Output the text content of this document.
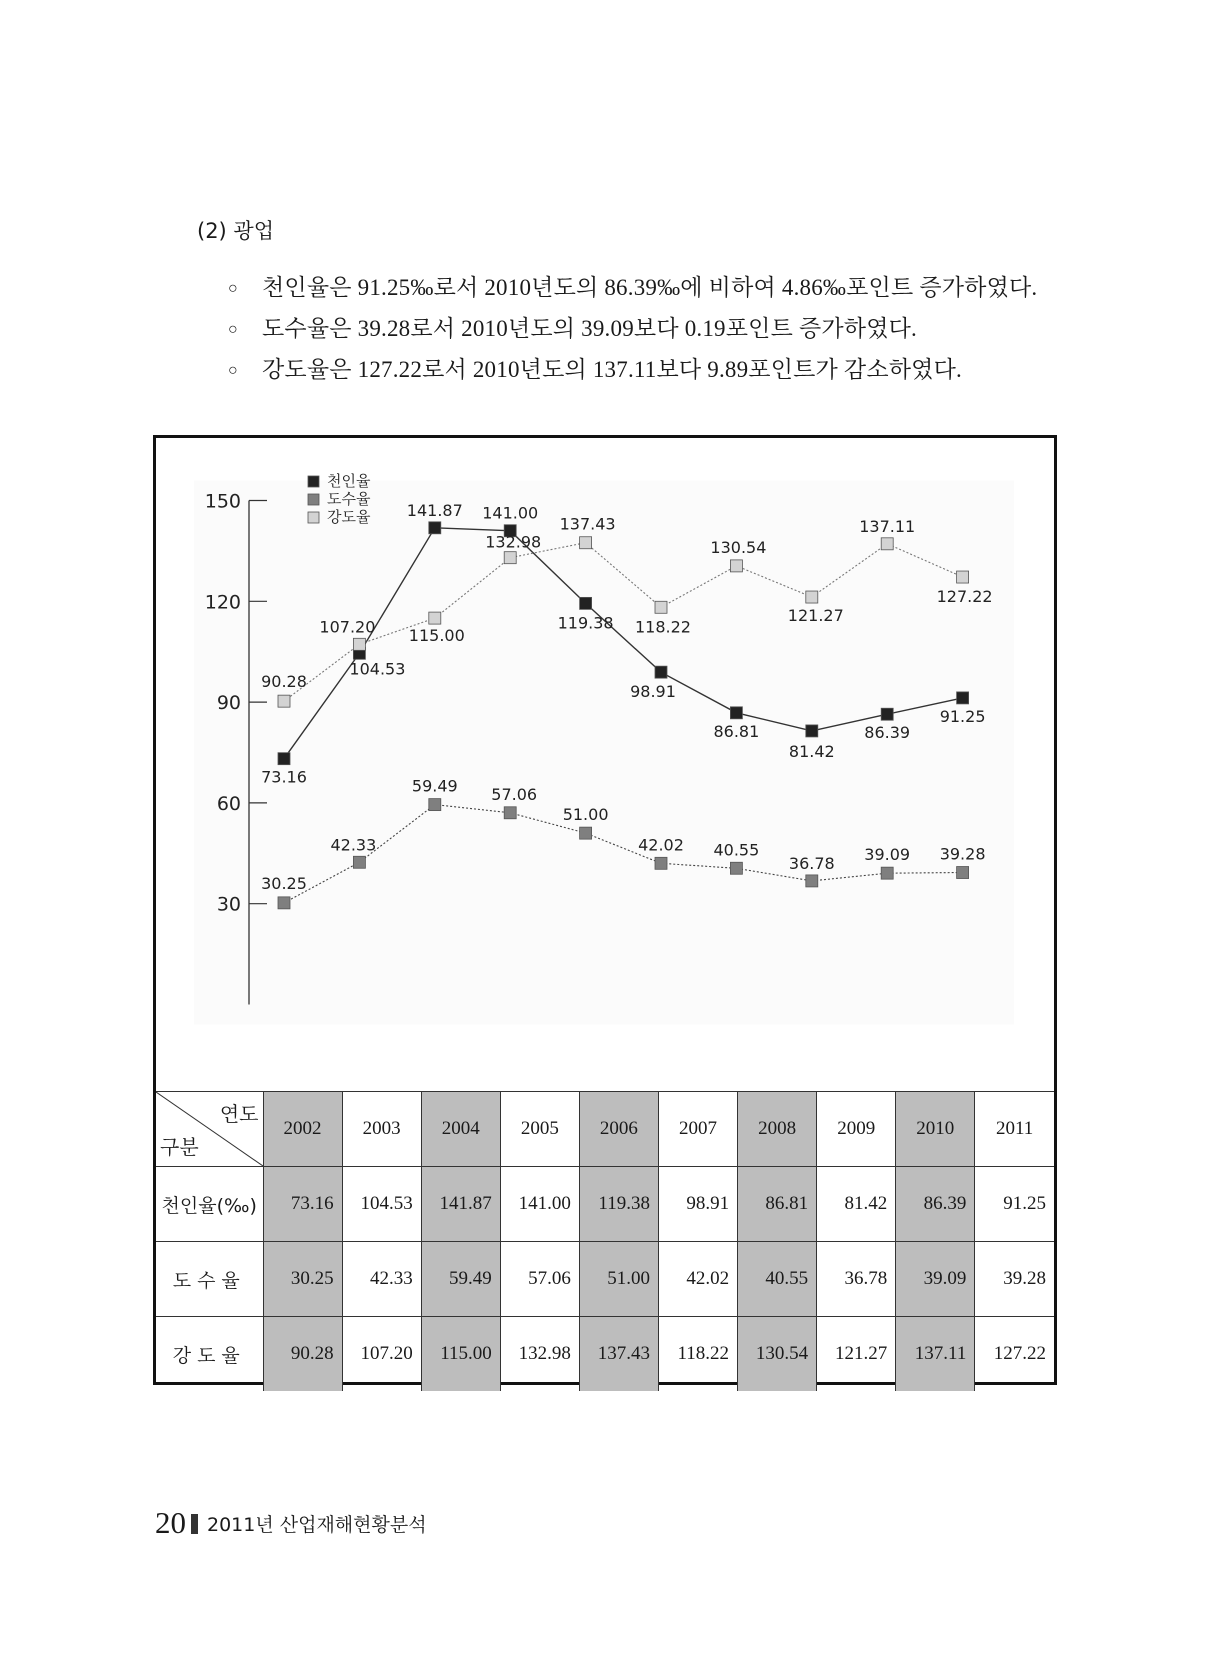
(2) 광업
○ 천인율은 91.25‰로서 2010년도의 86.39‰에 비하여 4.86‰포인트 증가하였다.
○ 도수율은 39.28로서 2010년도의 39.09보다 0.19포인트 증가하였다.
○ 강도율은 127.22로서 2010년도의 137.11보다 9.89포인트가 감소하였다.
30
60
90
120
150
73.16
104.53
141.87 141.00
119.38
98.91
86.81
81.42
86.39
91.25
30.25
42.33
59.49 57.06
51.00
42.02 40.55
36.78 39.09 39.28
90.28
107.20 115.00
132.98
137.43
118.22
130.54
121.27
137.11
127.22
천인율
도수율
강도율
연도
구분	2002	2003	2004	2005	2006	2007	2008	2009	2010	2011
천인율(‰)	73.16	104.53	141.87	141.00	119.38	98.91	86.81	81.42	86.39	91.25
도수율	30.25	42.33	59.49	57.06	51.00	42.02	40.55	36.78	39.09	39.28
강도율	90.28	107.20	115.00	132.98	137.43	118.22	130.54	121.27	137.11	127.22
20 2011년 산업재해현황분석
